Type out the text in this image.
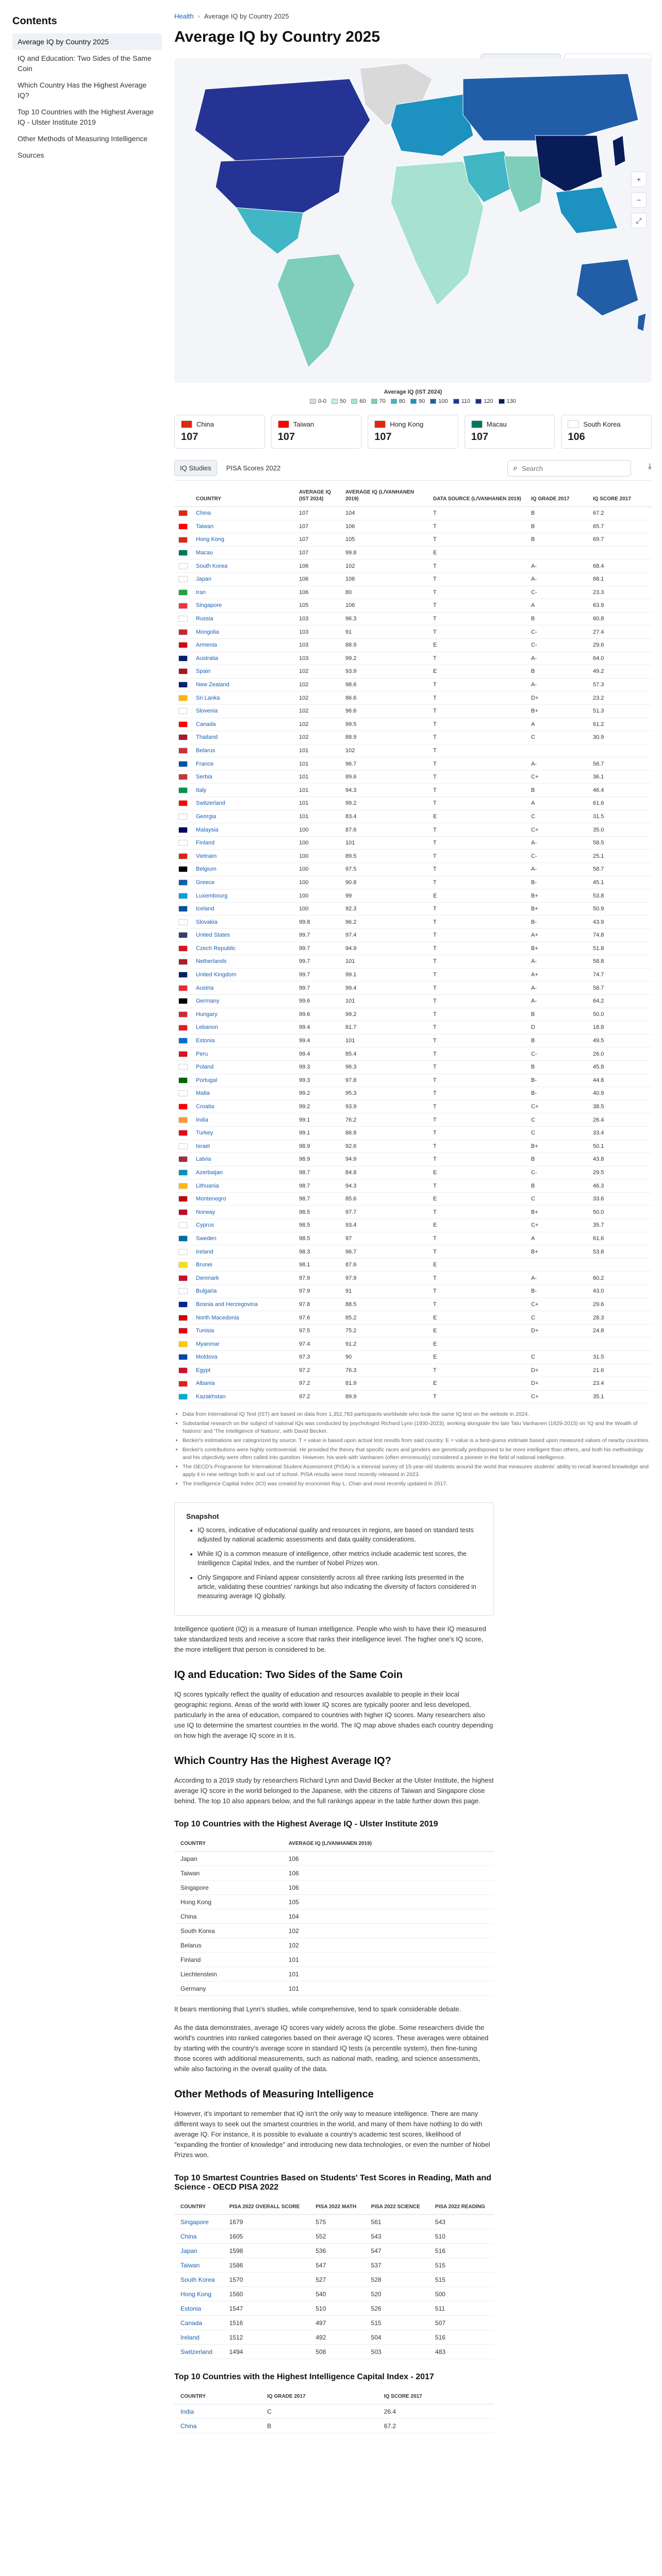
Contents
Average IQ by Country 2025
IQ and Education: Two Sides of the Same Coin
Which Country Has the Highest Average IQ?
Top 10 Countries with the Highest Average IQ - Ulster Institute 2019
Other Methods of Measuring Intelligence
Sources
Health › Average IQ by Country 2025
Average IQ by Country 2025
+
−
⤢
Average IQ (IST 2024)
0-0 50 60 70 80 90 100 110 120 130
China
107
Taiwan
107
Hong Kong
107
Macau
107
South Korea
106
IQ Studies	PISA Scores 2022	⌕
Search	⤓
	COUNTRY	AVERAGE IQ (IST 2024)	AVERAGE IQ (L/VANHANEN 2019)	DATA SOURCE (L/VANHANEN 2019)	IQ GRADE 2017	IQ SCORE 2017
	China	107	104	T	B	67.2
	Taiwan	107	106	T	B	65.7
	Hong Kong	107	105	T	B	69.7
	Macau	107	99.8	E		
	South Korea	106	102	T	A-	68.4
	Japan	106	106	T	A-	68.1
	Iran	106	80	T	C-	23.3
	Singapore	105	106	T	A	63.9
	Russia	103	96.3	T	B	60.8
	Mongolia	103	91	T	C-	27.4
	Armenia	103	88.9	E	C-	29.6
	Australia	103	99.2	T	A-	64.0
	Spain	102	93.9	E	B	49.2
	New Zealand	102	98.6	T	A-	57.3
	Sri Lanka	102	86.6	T	D+	23.2
	Slovenia	102	96.6	T	B+	51.3
	Canada	102	99.5	T	A	61.2
	Thailand	102	88.9	T	C	30.9
	Belarus	101	102	T		
	France	101	96.7	T	A-	56.7
	Serbia	101	89.6	T	C+	36.1
	Italy	101	94.3	T	B	46.4
	Switzerland	101	99.2	T	A	61.6
	Georgia	101	83.4	E	C	31.5
	Malaysia	100	87.6	T	C+	35.0
	Finland	100	101	T	A-	58.5
	Vietnam	100	89.5	T	C-	25.1
	Belgium	100	97.5	T	A-	58.7
	Greece	100	90.8	T	B-	45.1
	Luxembourg	100	99	E	B+	53.8
	Iceland	100	92.3	T	B+	50.9
	Slovakia	99.8	96.2	T	B-	43.9
	United States	99.7	97.4	T	A+	74.8
	Czech Republic	99.7	94.9	T	B+	51.8
	Netherlands	99.7	101	T	A-	58.8
	United Kingdom	99.7	99.1	T	A+	74.7
	Austria	99.7	99.4	T	A-	58.7
	Germany	99.6	101	T	A-	64.2
	Hungary	99.6	99.2	T	B	50.0
	Lebanon	99.4	81.7	T	D	18.8
	Estonia	99.4	101	T	B	49.5
	Peru	99.4	85.4	T	C-	26.0
	Poland	99.3	96.3	T	B	45.8
	Portugal	99.3	97.8	T	B-	44.8
	Malta	99.2	95.3	T	B-	40.9
	Croatia	99.2	93.9	T	C+	38.5
	India	99.1	76.2	T	C	26.4
	Turkey	99.1	86.8	T	C	33.4
	Israel	98.9	92.6	T	B+	50.1
	Latvia	98.9	94.9	T	B	43.8
	Azerbaijan	98.7	84.8	E	C-	29.5
	Lithuania	98.7	94.3	T	B	46.3
	Montenegro	98.7	85.6	E	C	33.6
	Norway	98.5	97.7	T	B+	50.0
	Cyprus	98.5	93.4	E	C+	35.7
	Sweden	98.5	97	T	A	61.6
	Ireland	98.3	96.7	T	B+	53.8
	Brunei	98.1	87.6	E		
	Denmark	97.9	97.9	T	A-	60.2
	Bulgaria	97.9	91	T	B-	43.0
	Bosnia and Herzegovina	97.8	88.5	T	C+	29.6
	North Macedonia	97.6	85.2	E	C	28.3
	Tunisia	97.5	75.2	E	D+	24.8
	Myanmar	97.4	91.2	E		
	Moldova	97.3	90	E	C	31.5
	Egypt	97.2	76.3	T	D+	21.6
	Albania	97.2	81.9	E	D+	23.4
	Kazakhstan	97.2	89.9	T	C+	35.1
• Data from International IQ Test (IST) are based on data from 1,352,783 participants worldwide who took the same IQ test on the website in 2024.
• Substantial research on the subject of national IQs was conducted by psychologist Richard Lynn (1930-2023), working alongside the late Tatu Vanhanen (1929-2015) on 'IQ and the Wealth of Nations' and 'The Intelligence of Nations', with David Becker.
• Becker's estimations are categorized by source. T = value is based upon actual test results from said country. E = value is a best-guess estimate based upon measured values of nearby countries.
• Becker's contributions were highly controversial. He provided the theory that specific races and genders are genetically predisposed to be more intelligent than others, and both his methodology and his objectivity were often called into question. However, his work with Vanhanen (often erroneously) considered a pioneer in the field of national intelligence.
• The OECD's Programme for International Student Assessment (PISA) is a triennial survey of 15-year-old students around the world that measures students' ability to recall learned knowledge and apply it in new settings both in and out of school. PISA results were most recently released in 2023.
• The Intelligence Capital Index (ICI) was created by economist Ray L. Chan and most recently updated in 2017.
Snapshot
• IQ scores, indicative of educational quality and resources in regions, are based on standard tests adjusted by national academic assessments and data quality considerations.
• While IQ is a common measure of intelligence, other metrics include academic test scores, the Intelligence Capital Index, and the number of Nobel Prizes won.
• Only Singapore and Finland appear consistently across all three ranking lists presented in the article, validating these countries' rankings but also indicating the diversity of factors considered in measuring average IQ globally.

Intelligence quotient (IQ) is a measure of human intelligence. People who wish to have their IQ measured take standardized tests and receive a score that ranks their intelligence level. The higher one's IQ score, the more intelligent that person is considered to be.

IQ and Education: Two Sides of the Same Coin

IQ scores typically reflect the quality of education and resources available to people in their local geographic regions. Areas of the world with lower IQ scores are typically poorer and less developed, particularly in the area of education, compared to countries with higher IQ scores. Many researchers also use IQ to determine the smartest countries in the world. The IQ map above shades each country depending on how high the average IQ score in it is.

Which Country Has the Highest Average IQ?

According to a 2019 study by researchers Richard Lynn and David Becker at the Ulster Institute, the highest average IQ score in the world belonged to the Japanese, with the citizens of Taiwan and Singapore close behind. The top 10 also appears below, and the full rankings appear in the table further down this page.

Top 10 Countries with the Highest Average IQ - Ulster Institute 2019
COUNTRY	AVERAGE IQ (L/VANHANEN 2019)
Japan	106
Taiwan	106
Singapore	106
Hong Kong	105
China	104
South Korea	102
Belarus	102
Finland	101
Liechtenstein	101
Germany	101

It bears mentioning that Lynn's studies, while comprehensive, tend to spark considerable debate.

As the data demonstrates, average IQ scores vary widely across the globe. Some researchers divide the world's countries into ranked categories based on their average IQ scores. These averages were obtained by starting with the country's average score in standard IQ tests (a percentile system), then fine-tuning those scores with additional measurements, such as national math, reading, and science assessments, while also factoring in the overall quality of the data.

Other Methods of Measuring Intelligence

However, it's important to remember that IQ isn't the only way to measure intelligence. There are many different ways to seek out the smartest countries in the world, and many of them have nothing to do with average IQ. For instance, it is possible to evaluate a country's academic test scores, likelihood of "expanding the frontier of knowledge" and introducing new data technologies, or even the number of Nobel Prizes won.

Top 10 Smartest Countries Based on Students' Test Scores in Reading, Math and Science - OECD PISA 2022
COUNTRY	PISA 2022 OVERALL SCORE	PISA 2022 MATH	PISA 2022 SCIENCE	PISA 2022 READING
Singapore	1679	575	561	543
China	1605	552	543	510
Japan	1598	536	547	516
Taiwan	1586	547	537	515
South Korea	1570	527	528	515
Hong Kong	1560	540	520	500
Estonia	1547	510	526	511
Canada	1516	497	515	507
Ireland	1512	492	504	516
Switzerland	1494	508	503	483
Top 10 Countries with the Highest Intelligence Capital Index - 2017
COUNTRY	IQ GRADE 2017	IQ SCORE 2017
India	C	26.4
China	B	67.2
